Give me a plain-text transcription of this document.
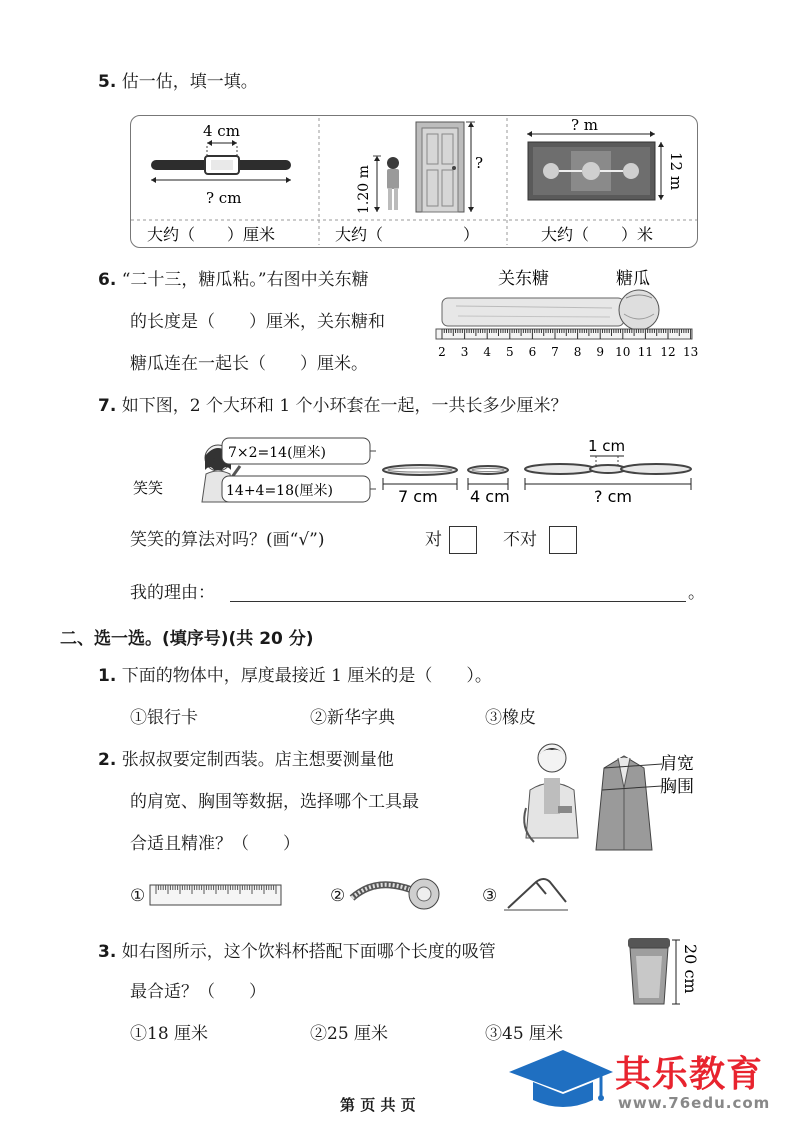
5. 估一估，填一填。
4 cm
? cm
?
1.20 m
? m
12 m
大约（　　）厘米	大约（　　　　　）	大约（　　）米
6. “二十三，糖瓜粘。”右图中关东糖
的长度是（　　）厘米，关东糖和
糖瓜连在一起长（　　）厘米。
关东糖	糖瓜
2 3 4 5 6 7 8 9 10 11 12 13
7. 如下图，2 个大环和 1 个小环套在一起，一共长多少厘米？
笑笑
7×2=14(厘米)
14+4=18(厘米)	7 cm 4 cm
1 cm
? cm
笑笑的算法对吗？(画“√”)	对	不对
我的理由：	。
二、选一选。(填序号)(共 20 分)
1. 下面的物体中，厚度最接近 1 厘米的是（　　）。
①银行卡	②新华字典	③橡皮
2. 张叔叔要定制西装。店主想要测量他
的肩宽、胸围等数据，选择哪个工具最
合适且精准？（　　）
肩宽
胸围
①	②	③
3. 如右图所示，这个饮料杯搭配下面哪个长度的吸管
最合适？（　　）	20 cm
①18 厘米	②25 厘米	③45 厘米
第 页 共 页
其乐教育
www.76edu.com
